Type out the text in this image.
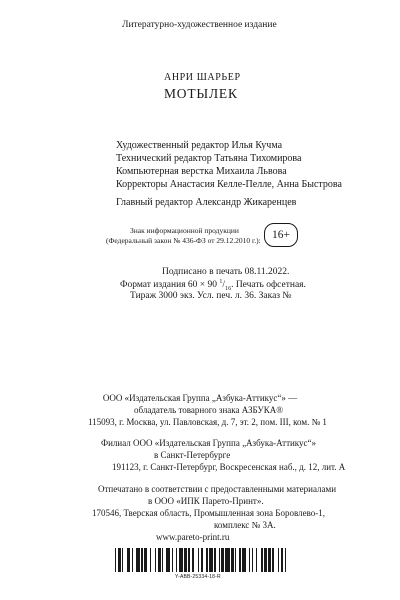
Литературно-художественное издание
АНРИ ШАРЬЕР
МОТЫЛЕК
Художественный редактор Илья Кучма
Технический редактор Татьяна Тихомирова
Компьютерная верстка Михаила Львова
Корректоры Анастасия Келле-Пелле, Анна Быстрова
Главный редактор Александр Жикаренцев
Знак информационной продукции
(Федеральный закон № 436-ФЗ от 29.12.2010 г.): 16+
Подписано в печать 08.11.2022.
Формат издания 60 × 90 $^1/_{16}$. Печать офсетная.
Тираж 3000 экз. Усл. печ. л. 36. Заказ №
ООО «Издательская Группа „Азбука-Аттикус“» —
обладатель товарного знака АЗБУКА®
115093, г. Москва, ул. Павловская, д. 7, эт. 2, пом. III, ком. № 1
Филиал ООО «Издательская Группа „Азбука-Аттикус“»
в Санкт-Петербурге
191123, г. Санкт-Петербург, Воскресенская наб., д. 12, лит. А
Отпечатано в соответствии с предоставленными материалами
в ООО «ИПК Парето-Принт».
170546, Тверская область, Промышленная зона Боровлево-1,
комплекс № 3А.
www.pareto-print.ru
Y-ABB-25334-18-R
